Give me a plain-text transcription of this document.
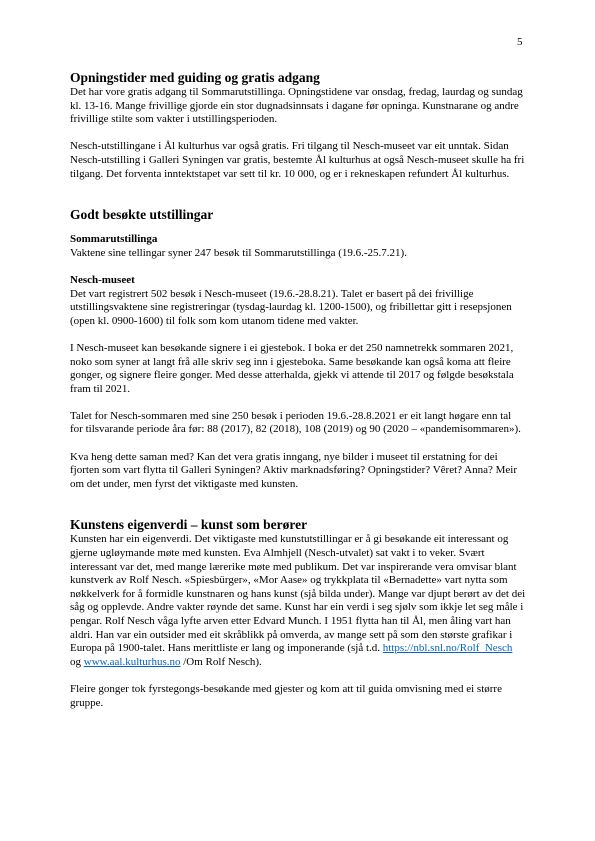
5
Opningstider med guiding og gratis adgang

Det har vore gratis adgang til Sommarutstillinga. Opningstidene var onsdag, fredag, laurdag og sundag kl. 13-16. Mange frivillige gjorde ein stor dugnadsinnsats i dagane før opninga. Kunstnarane og andre frivillige stilte som vakter i utstillingsperioden.

Nesch-utstillingane i Ål kulturhus var også gratis. Fri tilgang til Nesch-museet var eit unntak. Sidan Nesch-utstilling i Galleri Syningen var gratis, bestemte Ål kulturhus at også Nesch-museet skulle ha fri tilgang. Det forventa inntektstapet var sett til kr. 10 000, og er i rekneskapen refundert Ål kulturhus.

Godt besøkte utstillingar
Sommarutstillinga

Vaktene sine tellingar syner 247 besøk til Sommarutstillinga (19.6.-25.7.21).

Nesch-museet

Det vart registrert 502 besøk i Nesch-museet (19.6.-28.8.21). Talet er basert på dei frivillige utstillingsvaktene sine registreringar (tysdag-laurdag kl. 1200-1500), og fribillettar gitt i resepsjonen (open kl. 0900-1600) til folk som kom utanom tidene med vakter.

I Nesch-museet kan besøkande signere i ei gjestebok. I boka er det 250 namnetrekk sommaren 2021, noko som syner at langt frå alle skriv seg inn i gjesteboka. Same besøkande kan også koma att fleire gonger, og signere fleire gonger. Med desse atterhalda, gjekk vi attende til 2017 og følgde besøkstala fram til 2021.

Talet for Nesch-sommaren med sine 250 besøk i perioden 19.6.-28.8.2021 er eit langt høgare enn tal for tilsvarande periode åra før: 88 (2017), 82 (2018), 108 (2019) og 90 (2020 – «pandemisommaren»).

Kva heng dette saman med? Kan det vera gratis inngang, nye bilder i museet til erstatning for dei fjorten som vart flytta til Galleri Syningen? Aktiv marknadsføring? Opningstider? Vêret? Anna? Meir om det under, men fyrst det viktigaste med kunsten.

Kunstens eigenverdi – kunst som berører

Kunsten har ein eigenverdi. Det viktigaste med kunstutstillingar er å gi besøkande eit interessant og gjerne ugløymande møte med kunsten. Eva Almhjell (Nesch-utvalet) sat vakt i to veker. Svært interessant var det, med mange lærerike møte med publikum. Det var inspirerande vera omvisar blant kunstverk av Rolf Nesch. «Spiesbürger», «Mor Aase» og trykkplata til «Bernadette» vart nytta som nøkkelverk for å formidle kunstnaren og hans kunst (sjå bilda under). Mange var djupt berørt av det dei såg og opplevde. Andre vakter røynde det same. Kunst har ein verdi i seg sjølv som ikkje let seg måle i pengar. Rolf Nesch våga lyfte arven etter Edvard Munch. I 1951 flytta han til Ål, men åling vart han aldri. Han var ein outsider med eit skråblikk på omverda, av mange sett på som den største grafikar i Europa på 1900-talet. Hans merittliste er lang og imponerande (sjå t.d. https://nbl.snl.no/Rolf_Nesch og www.aal.kulturhus.no /Om Rolf Nesch).

Fleire gonger tok fyrstegongs-besøkande med gjester og kom att til guida omvisning med ei større gruppe.
